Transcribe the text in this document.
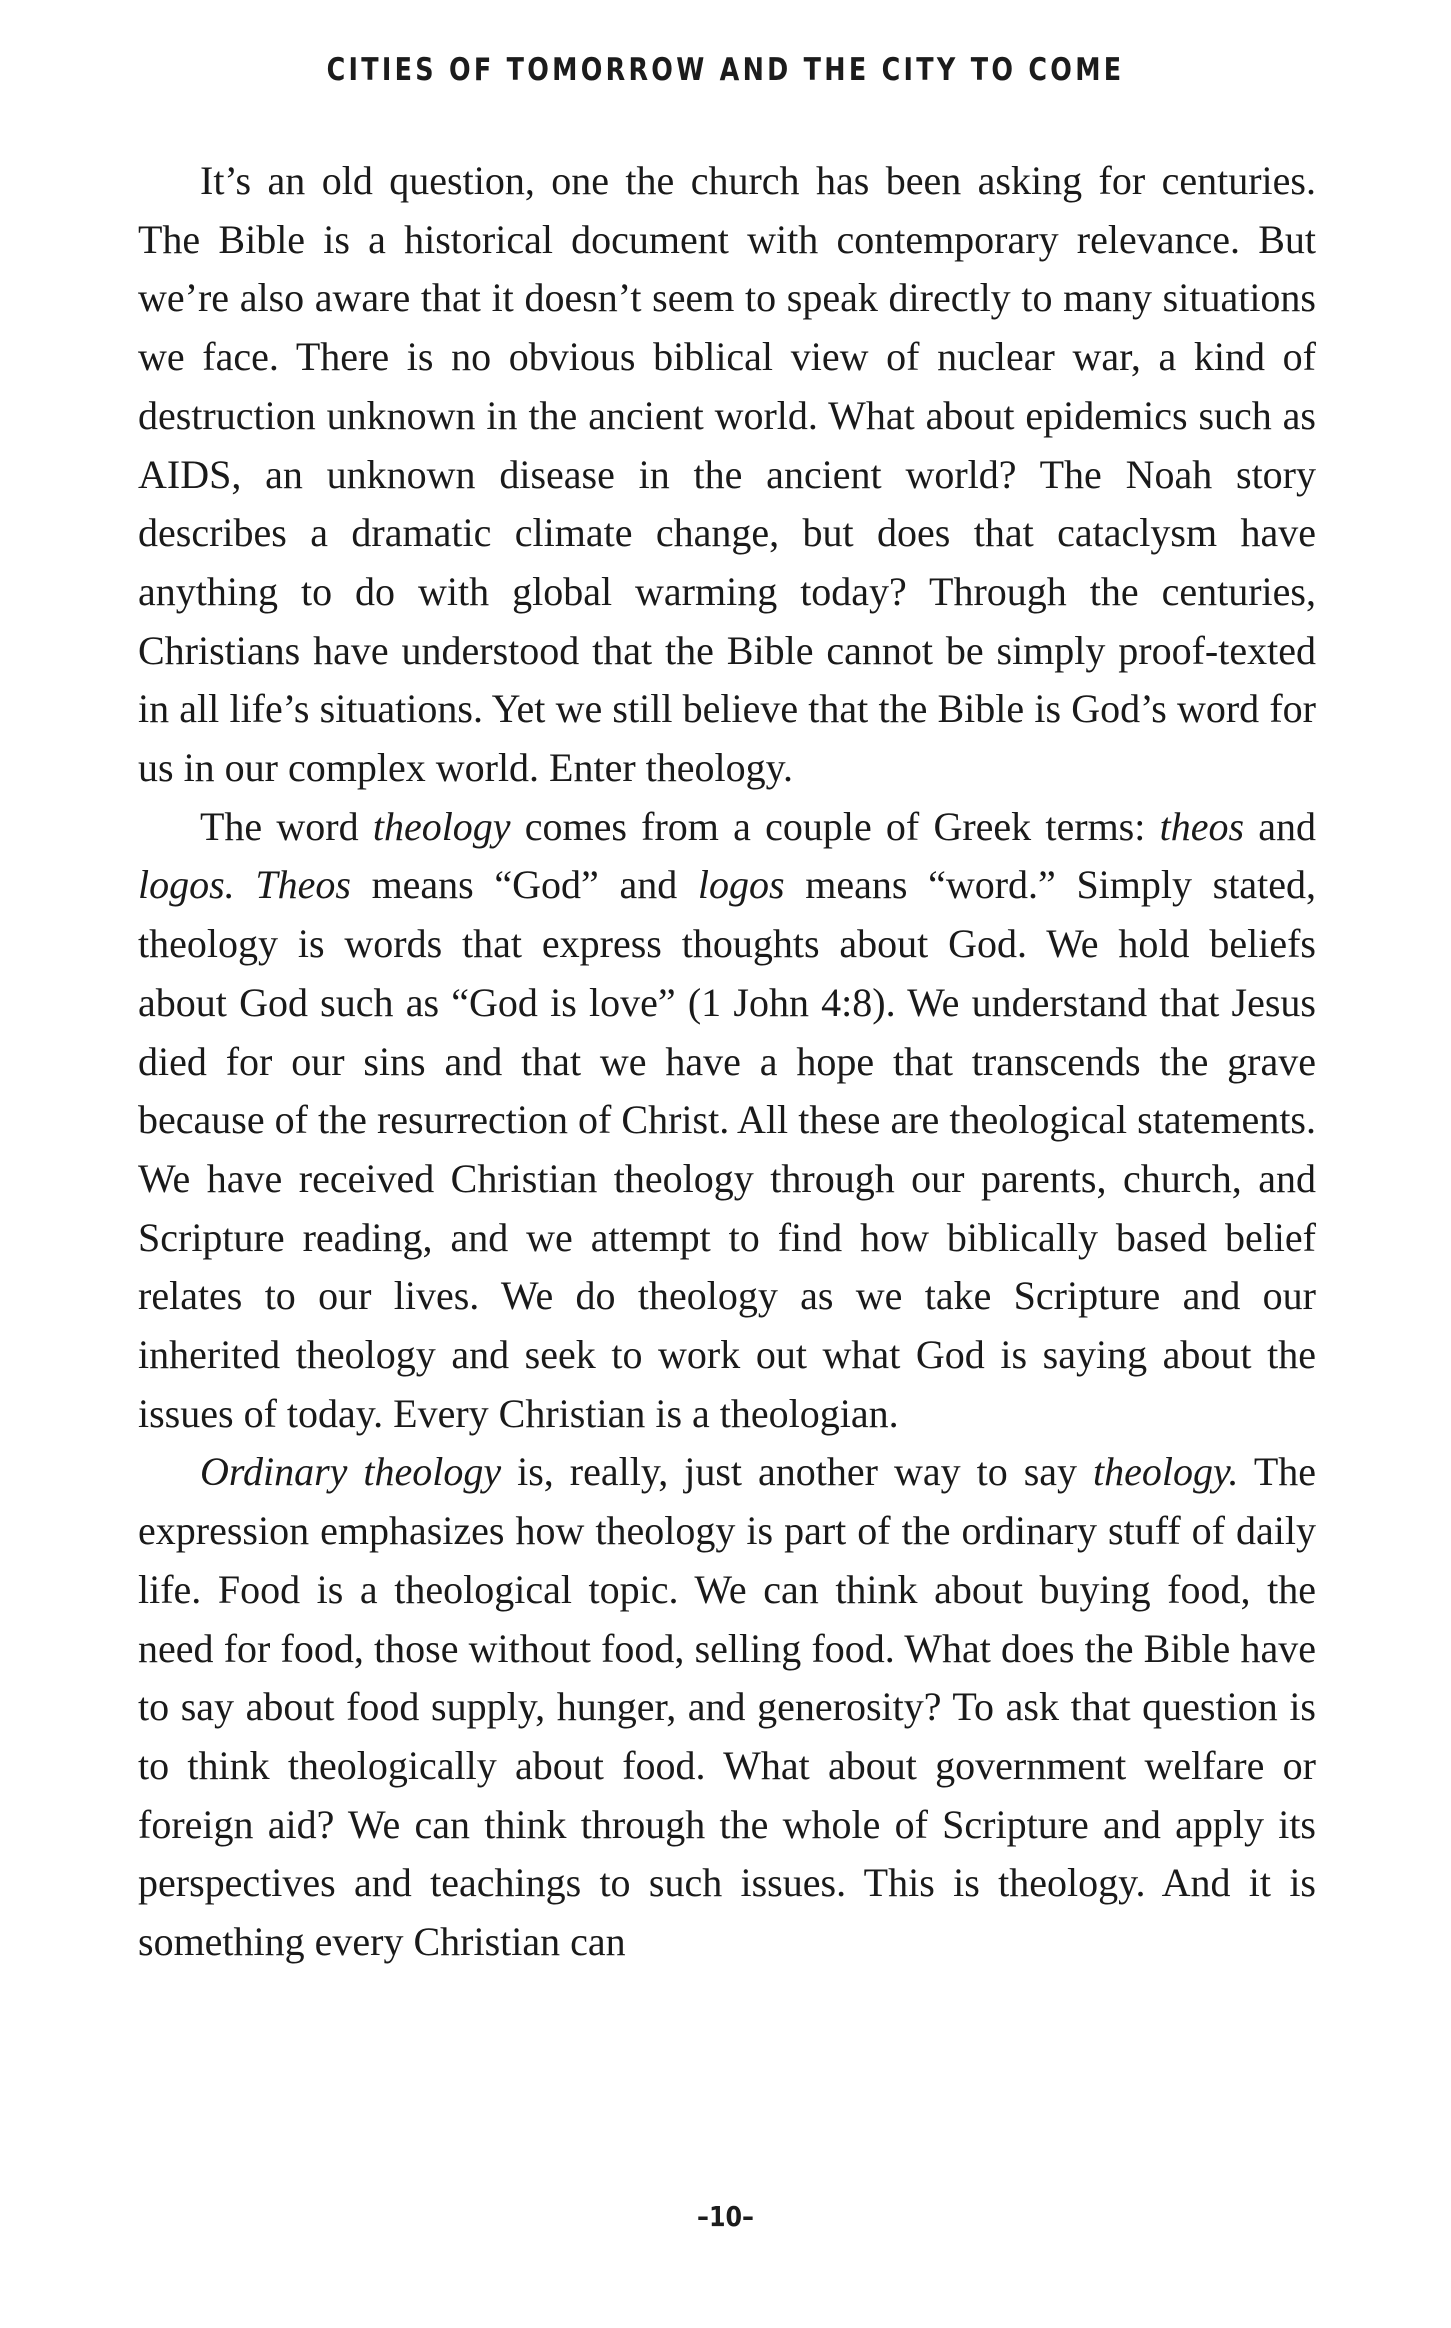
CITIES OF TOMORROW AND THE CITY TO COME

It’s an old question, one the church has been asking for centuries. The Bible is a historical document with contemporary relevance. But we’re also aware that it doesn’t seem to speak directly to many situations we face. There is no obvious biblical view of nuclear war, a kind of destruction unknown in the ancient world. What about epidemics such as AIDS, an unknown disease in the ancient world? The Noah story describes a dramatic climate change, but does that cataclysm have anything to do with global warming today? Through the centuries, Christians have understood that the Bible cannot be simply proof-texted in all life’s situations. Yet we still believe that the Bible is God’s word for us in our complex world. Enter theology.

The word theology comes from a couple of Greek terms: theos and logos. Theos means “God” and logos means “word.” Simply stated, theology is words that express thoughts about God. We hold beliefs about God such as “God is love” (1 John 4:8). We understand that Jesus died for our sins and that we have a hope that transcends the grave because of the resurrection of Christ. All these are theological statements. We have received Christian theology through our parents, church, and Scripture reading, and we attempt to find how biblically based belief relates to our lives. We do theology as we take Scripture and our inherited theology and seek to work out what God is saying about the issues of today. Every Christian is a theologian.

Ordinary theology is, really, just another way to say theology. The expression emphasizes how theology is part of the ordinary stuff of daily life. Food is a theological topic. We can think about buying food, the need for food, those without food, selling food. What does the Bible have to say about food supply, hunger, and generosity? To ask that question is to think theologically about food. What about government welfare or foreign aid? We can think through the whole of Scripture and apply its perspectives and teachings to such issues. This is theology. And it is something every Christian can

–10–
